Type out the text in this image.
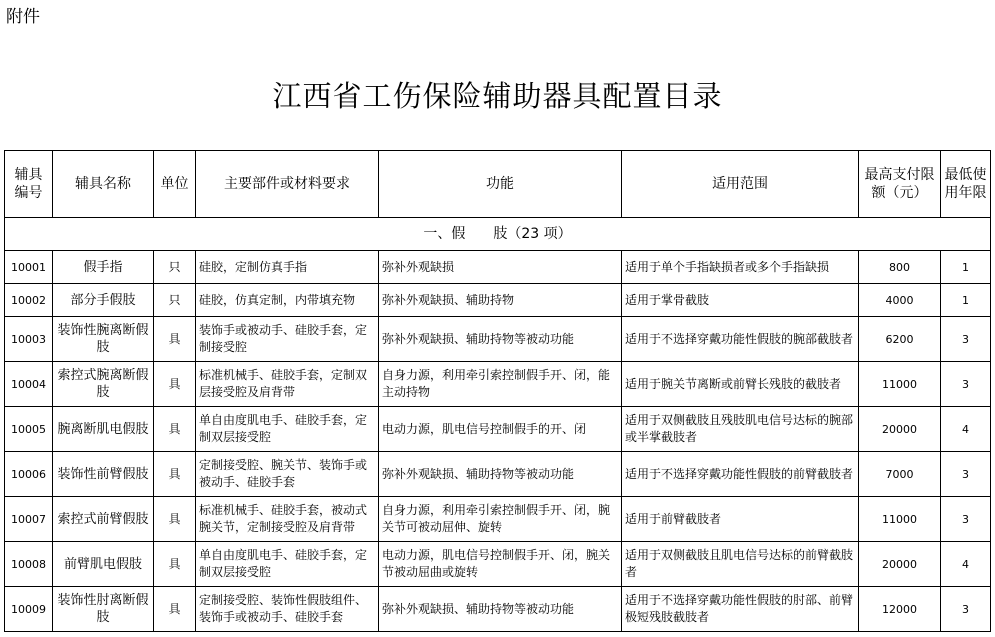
附件
江西省工伤保险辅助器具配置目录
辅具编号	辅具名称	单位	主要部件或材料要求	功能	适用范围	最高支付限额（元）	最低使用年限
一、假　　肢（23 项）							
10001	假手指	只	硅胶，定制仿真手指	弥补外观缺损	适用于单个手指缺损者或多个手指缺损	800	1
10002	部分手假肢	只	硅胶，仿真定制，内带填充物	弥补外观缺损、辅助持物	适用于掌骨截肢	4000	1
10003	装饰性腕离断假肢	具	装饰手或被动手、硅胶手套，定制接受腔	弥补外观缺损、辅助持物等被动功能	适用于不选择穿戴功能性假肢的腕部截肢者	6200	3
10004	索控式腕离断假肢	具	标准机械手、硅胶手套，定制双层接受腔及肩背带	自身力源，利用牵引索控制假手开、闭，能主动持物	适用于腕关节离断或前臂长残肢的截肢者	11000	3
10005	腕离断肌电假肢	具	单自由度肌电手、硅胶手套，定制双层接受腔	电动力源，肌电信号控制假手的开、闭	适用于双侧截肢且残肢肌电信号达标的腕部或半掌截肢者	20000	4
10006	装饰性前臂假肢	具	定制接受腔、腕关节、装饰手或被动手、硅胶手套	弥补外观缺损、辅助持物等被动功能	适用于不选择穿戴功能性假肢的前臂截肢者	7000	3
10007	索控式前臂假肢	具	标准机械手、硅胶手套，被动式腕关节，定制接受腔及肩背带	自身力源，利用牵引索控制假手开、闭，腕关节可被动屈伸、旋转	适用于前臂截肢者	11000	3
10008	前臂肌电假肢	具	单自由度肌电手、硅胶手套，定制双层接受腔	电动力源，肌电信号控制假手开、闭，腕关节被动屈曲或旋转	适用于双侧截肢且肌电信号达标的前臂截肢者	20000	4
10009	装饰性肘离断假肢	具	定制接受腔、装饰性假肢组件、装饰手或被动手、硅胶手套	弥补外观缺损、辅助持物等被动功能	适用于不选择穿戴功能性假肢的肘部、前臂极短残肢截肢者	12000	3
